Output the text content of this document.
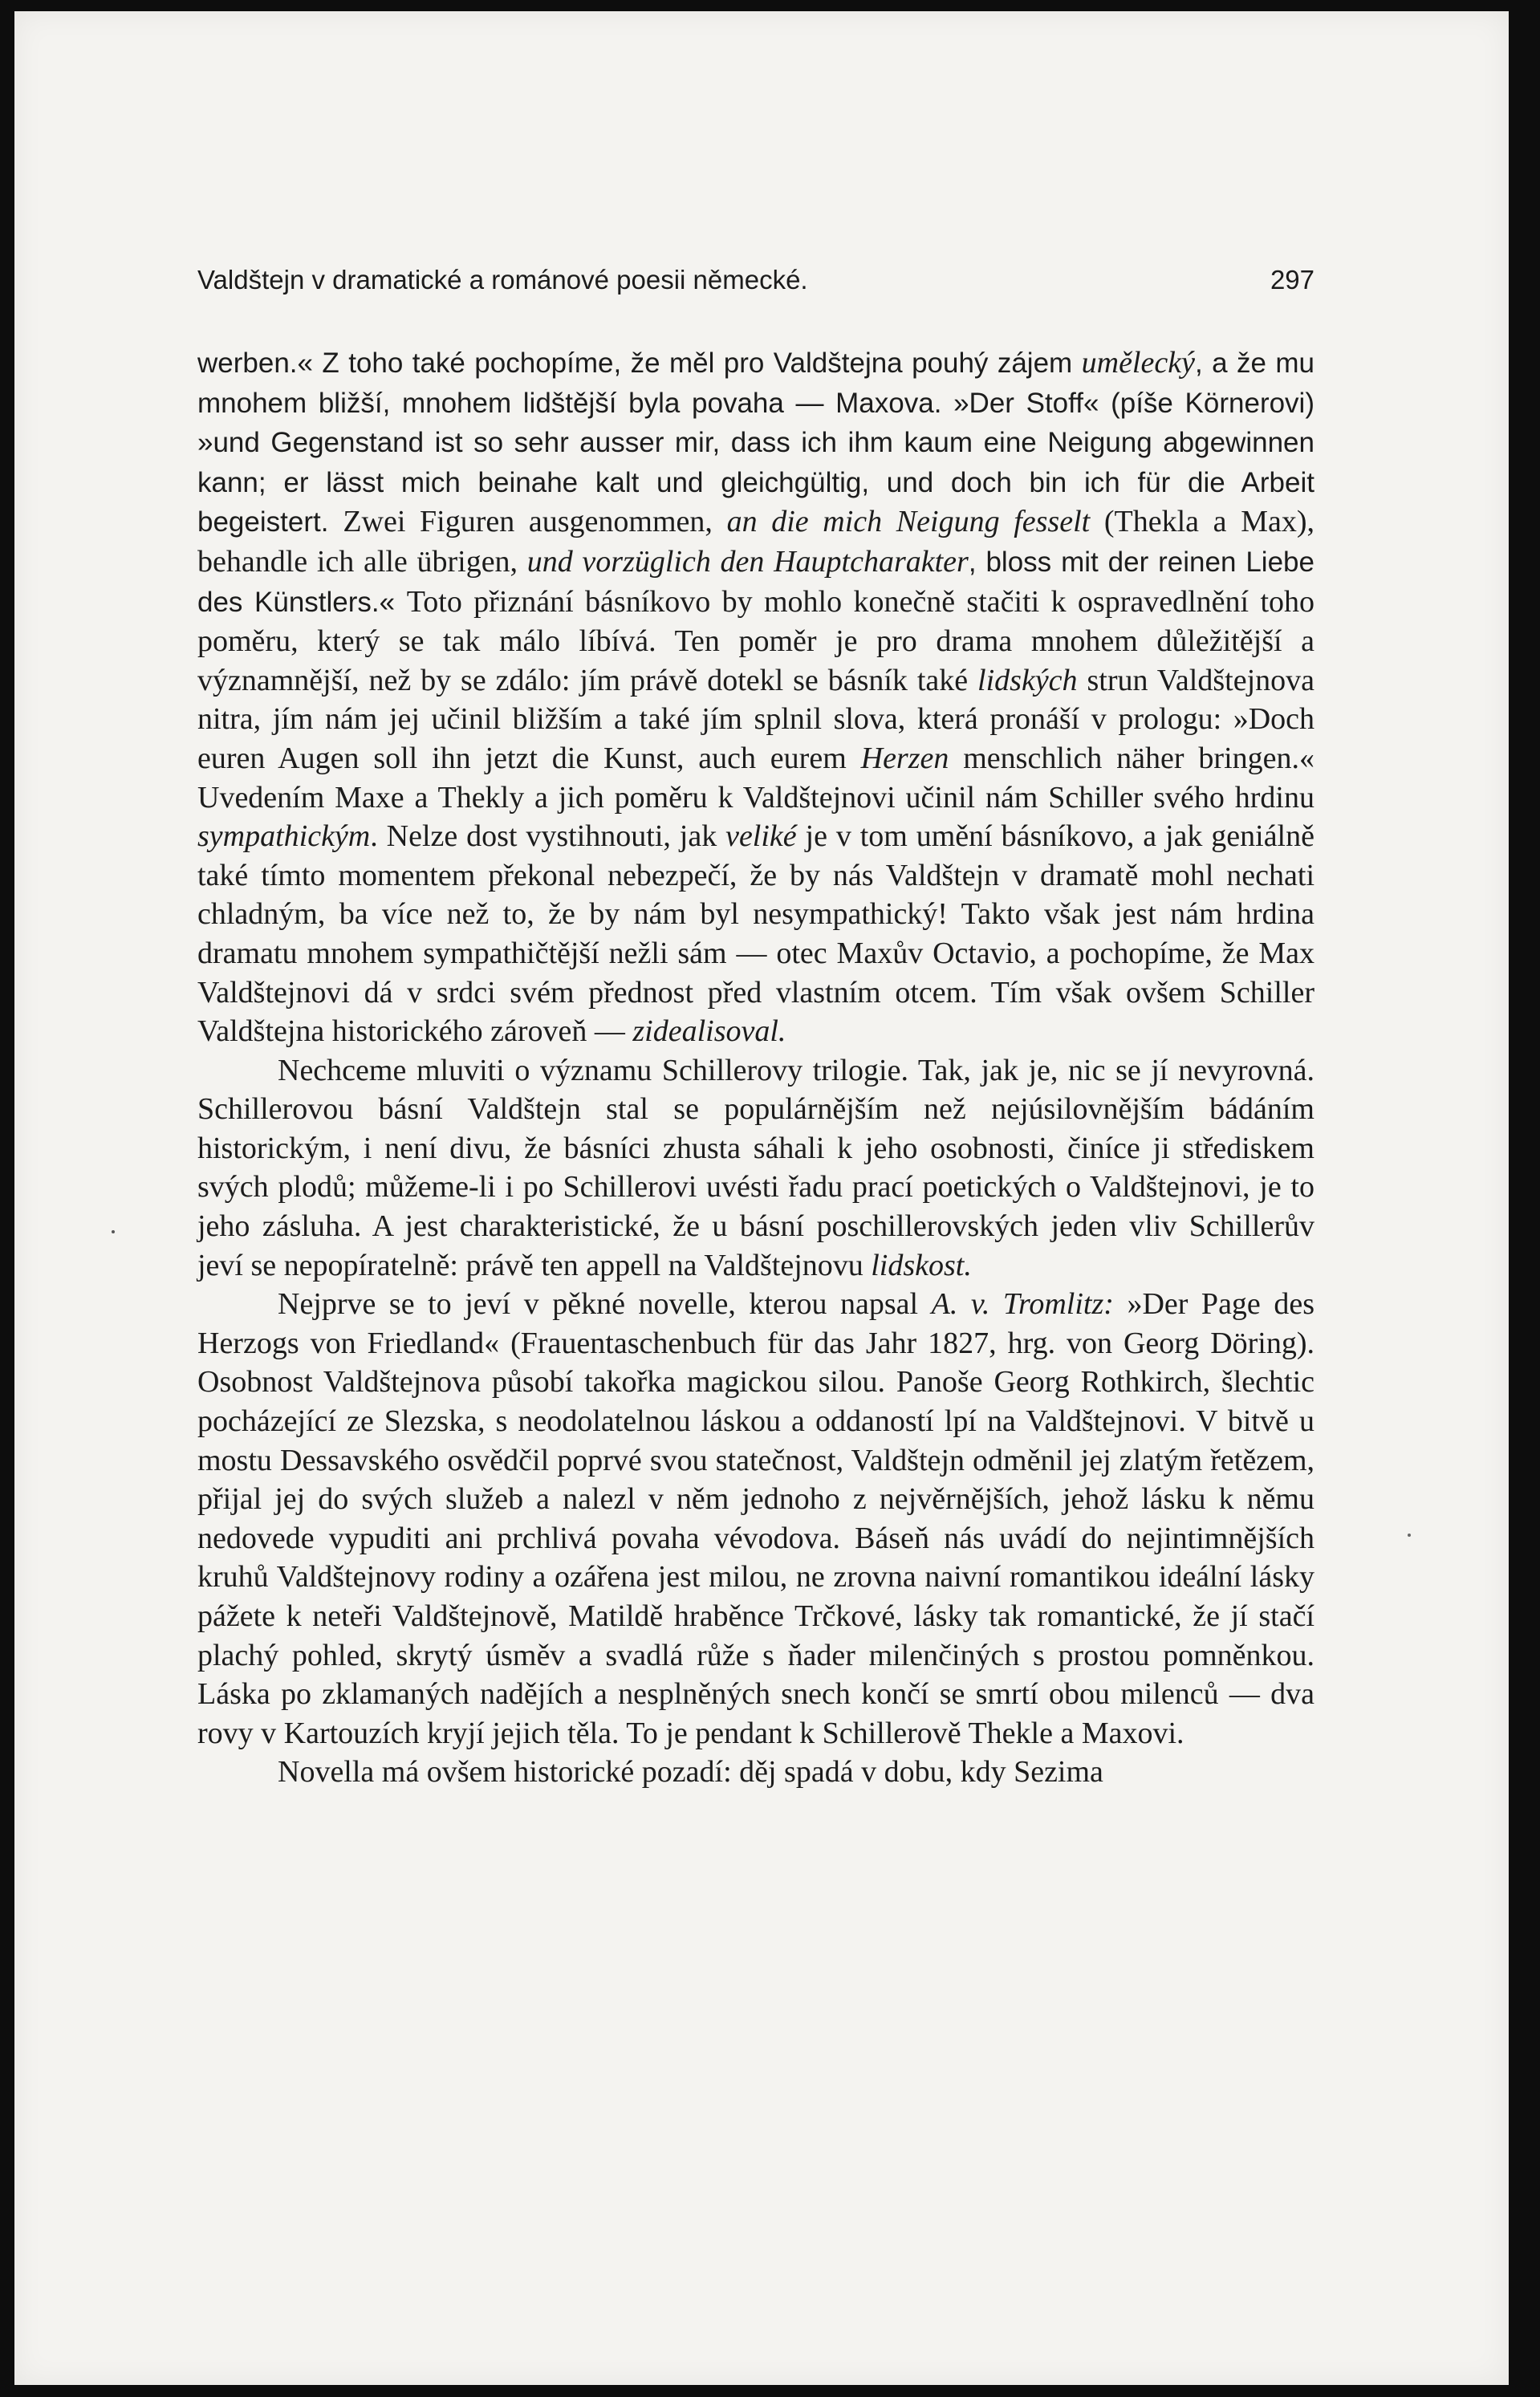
Valdštejn v dramatické a románové poesii německé.	297

werben.« Z toho také pochopíme, že měl pro Valdštejna pouhý zájem umělecký, a že mu mnohem bližší, mnohem lidštější byla povaha — Maxova. »Der Stoff« (píše Körnerovi) »und Gegenstand ist so sehr ausser mir, dass ich ihm kaum eine Neigung abgewinnen kann; er lässt mich beinahe kalt und gleichgültig, und doch bin ich für die Arbeit begeistert. Zwei Figuren ausgenommen, an die mich Neigung fesselt (Thekla a Max), behandle ich alle übrigen, und vorzüglich den Hauptcharakter, bloss mit der reinen Liebe des Künstlers.« Toto přiznání básníkovo by mohlo konečně stačiti k ospravedlnění toho poměru, který se tak málo líbívá. Ten poměr je pro drama mnohem důležitější a významnější, než by se zdálo: jím právě dotekl se básník také lidských strun Valdštejnova nitra, jím nám jej učinil bližším a také jím splnil slova, která pronáší v prologu: »Doch euren Augen soll ihn jetzt die Kunst, auch eurem Herzen menschlich näher bringen.« Uvedením Maxe a Thekly a jich poměru k Valdštejnovi učinil nám Schiller svého hrdinu sympathickým. Nelze dost vystihnouti, jak veliké je v tom umění básníkovo, a jak geniálně také tímto momentem překonal nebezpečí, že by nás Valdštejn v dramatě mohl nechati chladným, ba více než to, že by nám byl nesympathický! Takto však jest nám hrdina dramatu mnohem sympathičtější nežli sám — otec Maxův Octavio, a pochopíme, že Max Valdštejnovi dá v srdci svém přednost před vlastním otcem. Tím však ovšem Schiller Valdštejna historického zároveň — zidealisoval.

Nechceme mluviti o významu Schillerovy trilogie. Tak, jak je, nic se jí nevyrovná. Schillerovou básní Valdštejn stal se populárnějším než nejúsilovnějším bádáním historickým, i není divu, že básníci zhusta sáhali k jeho osobnosti, činíce ji střediskem svých plodů; můžeme-li i po Schillerovi uvésti řadu prací poetických o Valdštejnovi, je to jeho zásluha. A jest charakteristické, že u básní poschillerovských jeden vliv Schillerův jeví se nepopíratelně: právě ten appell na Valdštejnovu lidskost.

Nejprve se to jeví v pěkné novelle, kterou napsal A. v. Tromlitz: »Der Page des Herzogs von Friedland« (Frauentaschenbuch für das Jahr 1827, hrg. von Georg Döring). Osobnost Valdštejnova působí takořka magickou silou. Panoše Georg Rothkirch, šlechtic pocházející ze Slezska, s neodolatelnou láskou a oddaností lpí na Valdštejnovi. V bitvě u mostu Dessavského osvědčil poprvé svou statečnost, Valdštejn odměnil jej zlatým řetězem, přijal jej do svých služeb a nalezl v něm jednoho z nejvěrnějších, jehož lásku k němu nedovede vypuditi ani prchlivá povaha vévodova. Báseň nás uvádí do nejintimnějších kruhů Valdštejnovy rodiny a ozářena jest milou, ne zrovna naivní romantikou ideální lásky pážete k neteři Valdštejnově, Matildě hraběnce Trčkové, lásky tak romantické, že jí stačí plachý pohled, skrytý úsměv a svadlá růže s ňader milenčiných s prostou pomněnkou. Láska po zklamaných nadějích a nesplněných snech končí se smrtí obou milenců — dva rovy v Kartouzích kryjí jejich těla. To je pendant k Schillerově Thekle a Maxovi.

Novella má ovšem historické pozadí: děj spadá v dobu, kdy Sezima
